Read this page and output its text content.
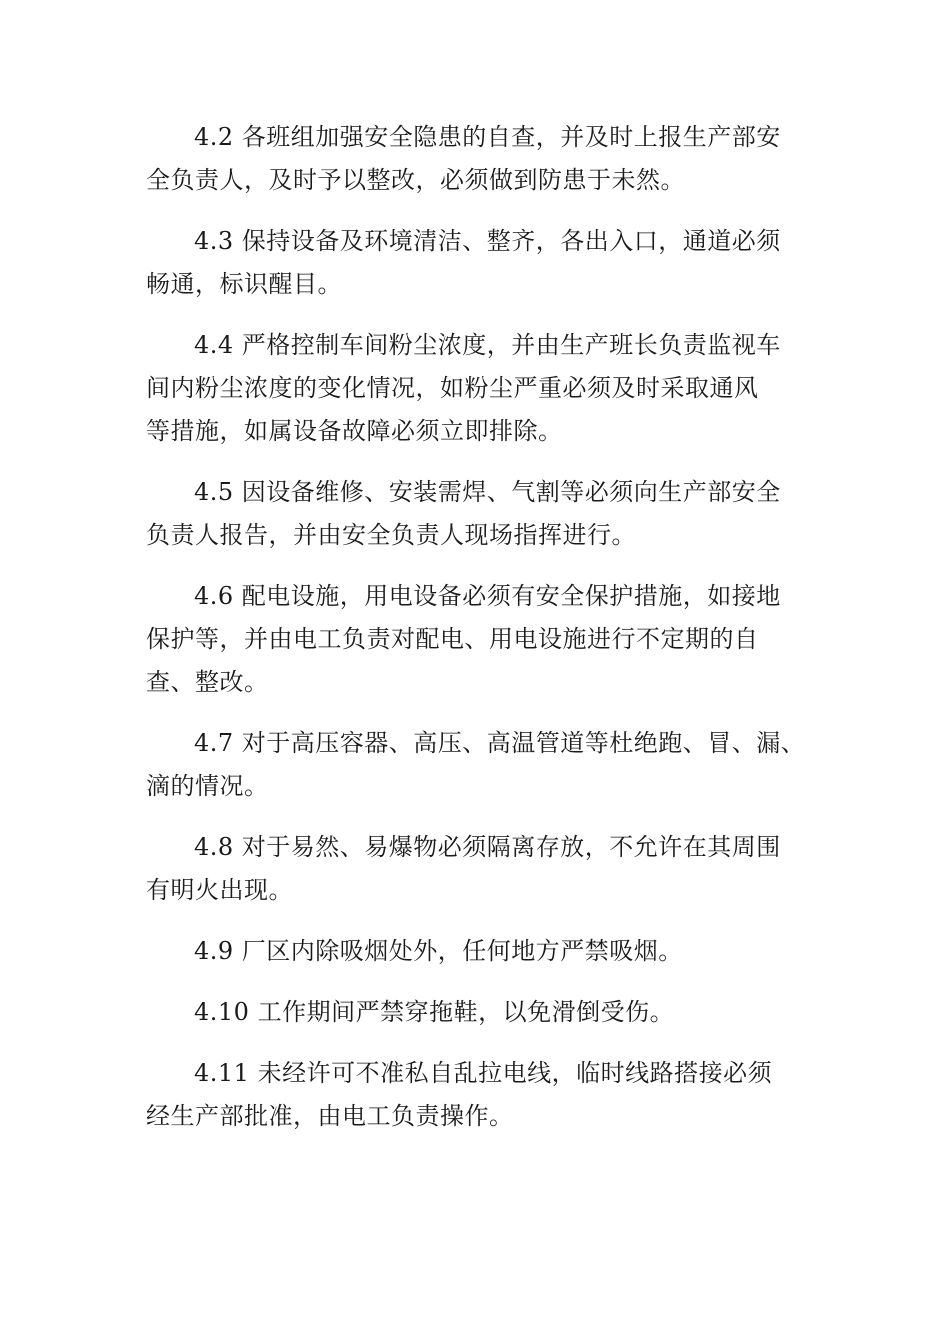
4.2 各班组加强安全隐患的自查，并及时上报生产部安
全负责人，及时予以整改，必须做到防患于未然。

4.3 保持设备及环境清洁、整齐，各出入口，通道必须
畅通，标识醒目。

4.4 严格控制车间粉尘浓度，并由生产班长负责监视车
间内粉尘浓度的变化情况，如粉尘严重必须及时采取通风
等措施，如属设备故障必须立即排除。

4.5 因设备维修、安装需焊、气割等必须向生产部安全
负责人报告，并由安全负责人现场指挥进行。

4.6 配电设施，用电设备必须有安全保护措施，如接地
保护等，并由电工负责对配电、用电设施进行不定期的自
查、整改。

4.7 对于高压容器、高压、高温管道等杜绝跑、冒、漏、
滴的情况。

4.8 对于易然、易爆物必须隔离存放，不允许在其周围
有明火出现。

4.9 厂区内除吸烟处外，任何地方严禁吸烟。

4.10 工作期间严禁穿拖鞋，以免滑倒受伤。

4.11 未经许可不准私自乱拉电线，临时线路搭接必须
经生产部批准，由电工负责操作。
